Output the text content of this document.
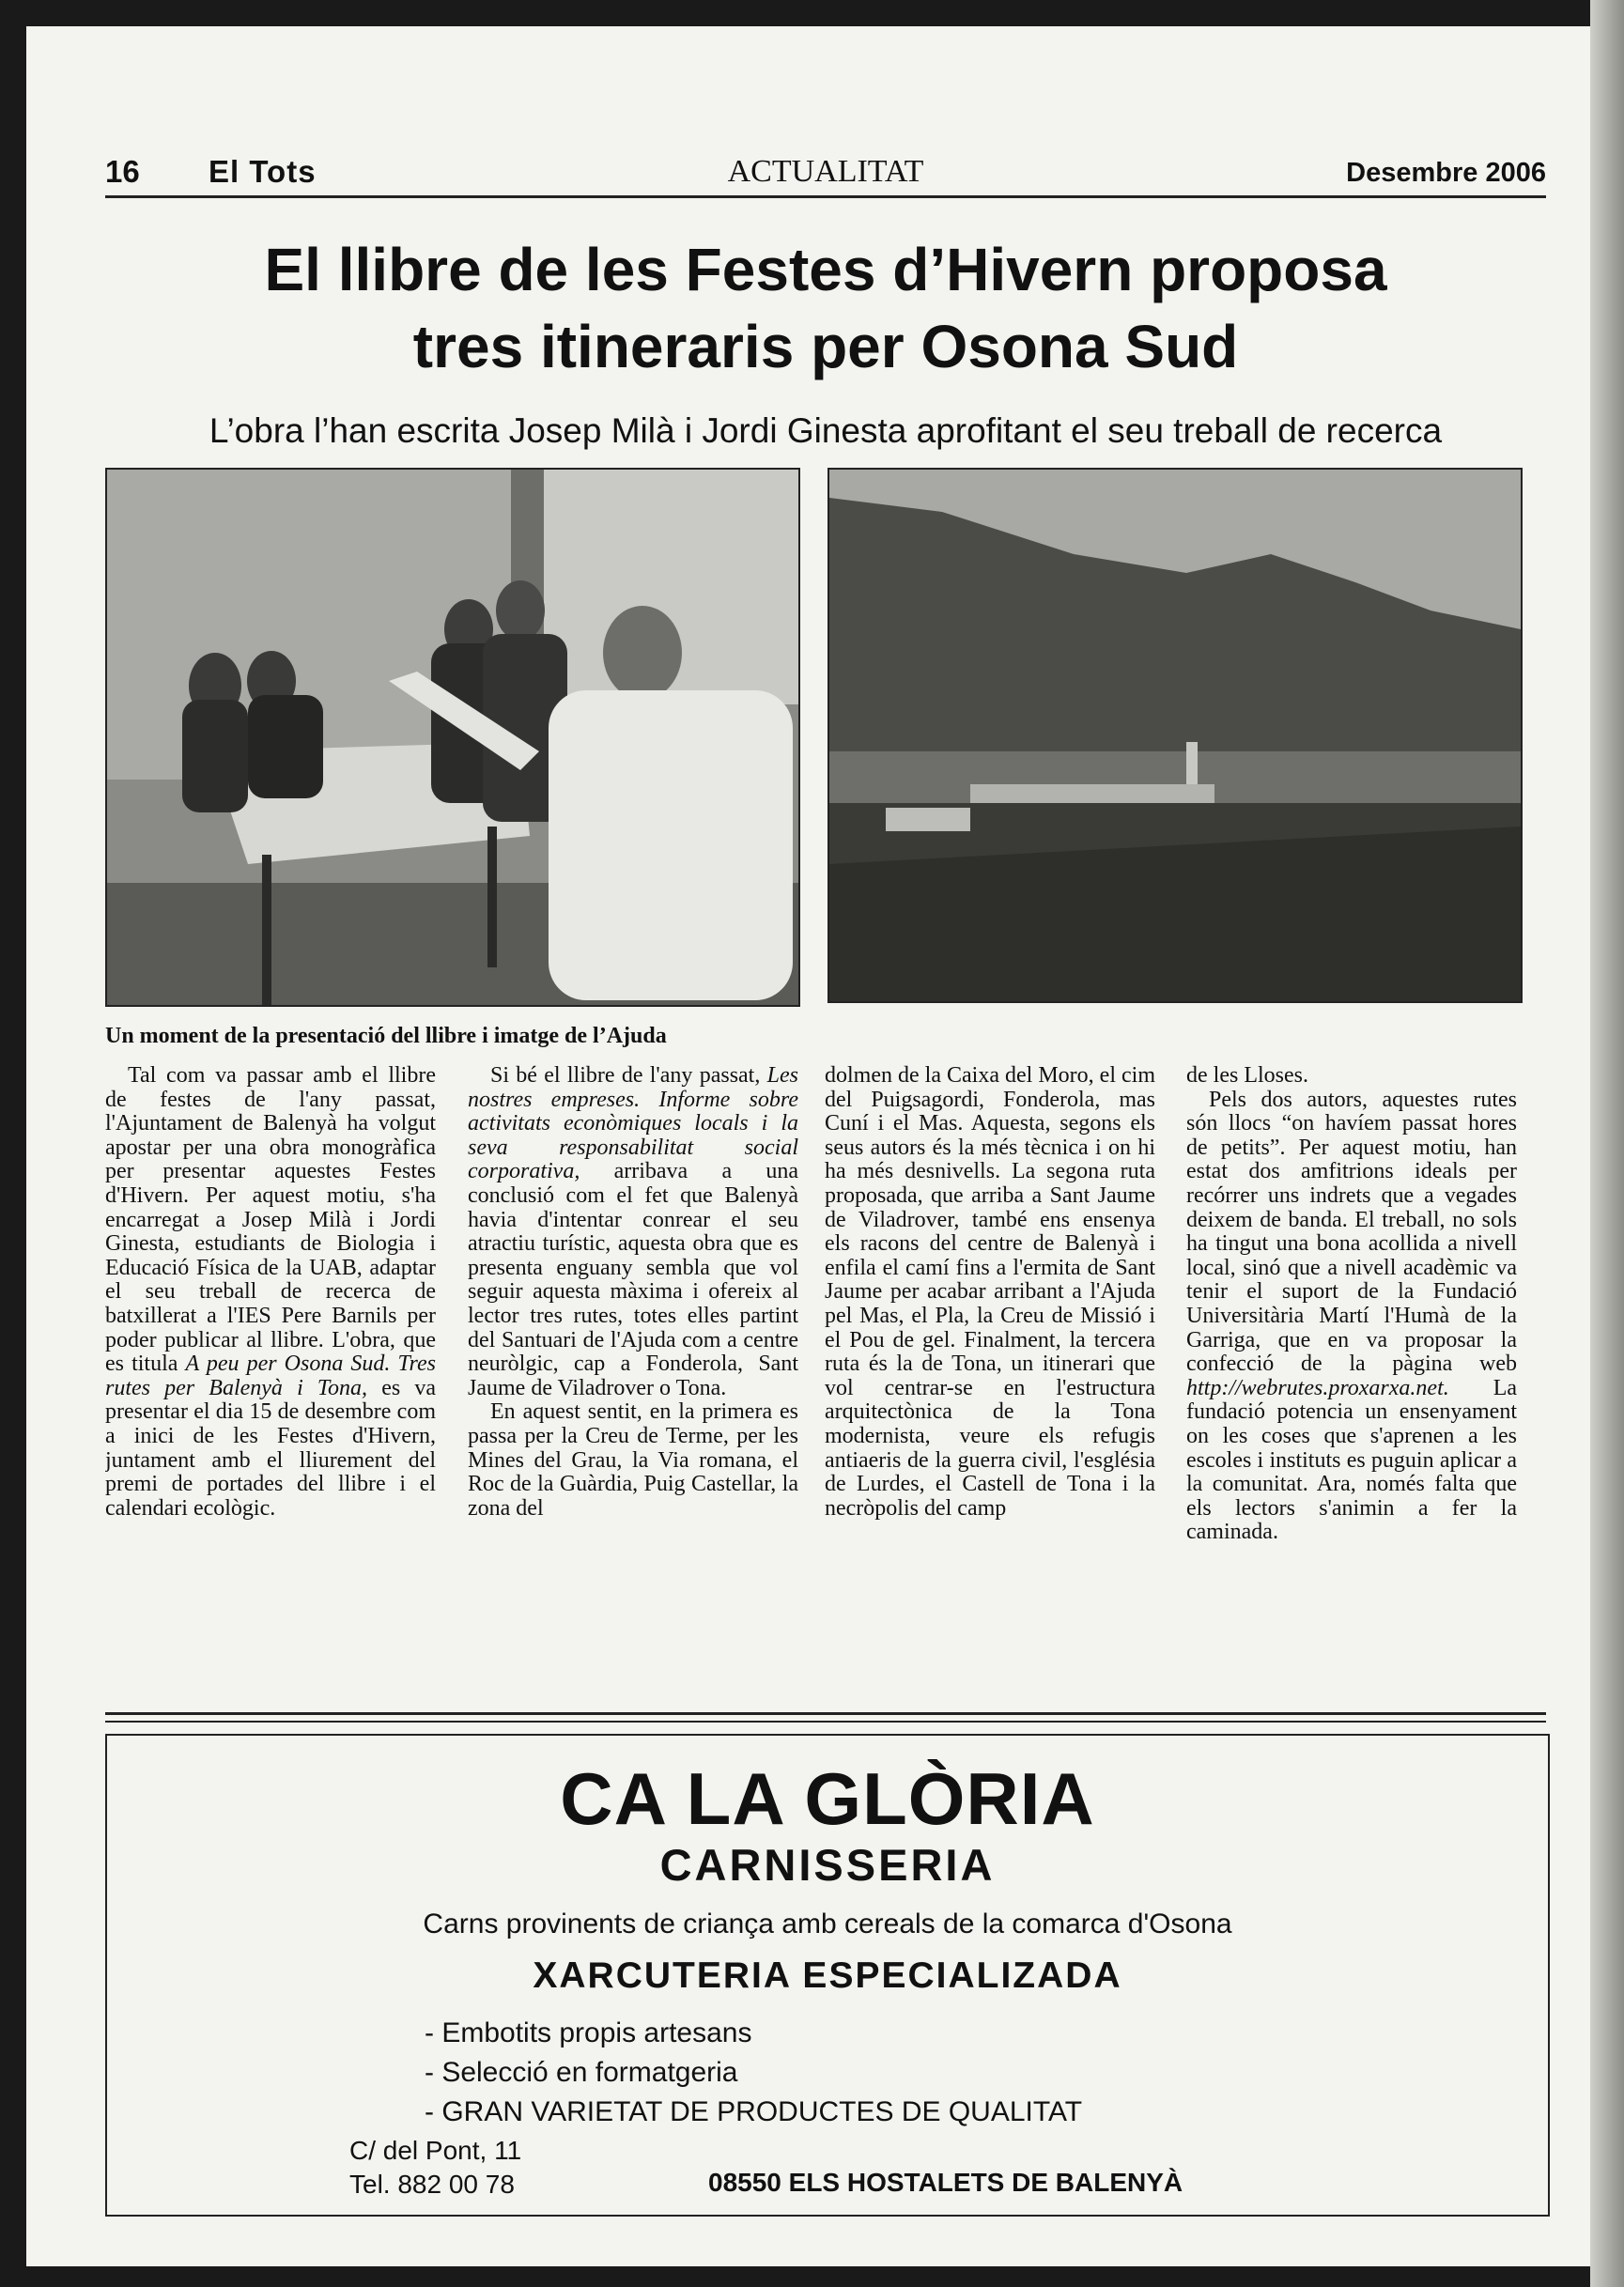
16 El Tots	ACTUALITAT	Desembre 2006
El llibre de les Festes d’Hivern proposa
tres itineraris per Osona Sud
L’obra l’han escrita Josep Milà i Jordi Ginesta aprofitant el seu treball de recerca
Un moment de la presentació del llibre i imatge de l’Ajuda

Tal com va passar amb el llibre de festes de l'any passat, l'Ajuntament de Balenyà ha volgut apostar per una obra monogràfica per presentar aquestes Festes d'Hivern. Per aquest motiu, s'ha encarregat a Josep Milà i Jordi Ginesta, estudiants de Biologia i Educació Física de la UAB, adaptar el seu treball de recerca de batxillerat a l'IES Pere Barnils per poder publicar al llibre. L'obra, que es titula A peu per Osona Sud. Tres rutes per Balenyà i Tona, es va presentar el dia 15 de desembre com a inici de les Festes d'Hivern, juntament amb el lliurement del premi de portades del llibre i el calendari ecològic.

Si bé el llibre de l'any passat, Les nostres empreses. Informe sobre activitats econòmiques locals i la seva responsabilitat social corporativa, arribava a una conclusió com el fet que Balenyà havia d'intentar conrear el seu atractiu turístic, aquesta obra que es presenta enguany sembla que vol seguir aquesta màxima i ofereix al lector tres rutes, totes elles partint del Santuari de l'Ajuda com a centre neuròlgic, cap a Fonderola, Sant Jaume de Viladrover o Tona.

En aquest sentit, en la primera es passa per la Creu de Terme, per les Mines del Grau, la Via romana, el Roc de la Guàrdia, Puig Castellar, la zona del

dolmen de la Caixa del Moro, el cim del Puigsagordi, Fonderola, mas Cuní i el Mas. Aquesta, segons els seus autors és la més tècnica i on hi ha més desnivells. La segona ruta proposada, que arriba a Sant Jaume de Viladrover, també ens ensenya els racons del centre de Balenyà i enfila el camí fins a l'ermita de Sant Jaume per acabar arribant a l'Ajuda pel Mas, el Pla, la Creu de Missió i el Pou de gel. Finalment, la tercera ruta és la de Tona, un itinerari que vol centrar-se en l'estructura arquitectònica de la Tona modernista, veure els refugis antiaeris de la guerra civil, l'església de Lurdes, el Castell de Tona i la necròpolis del camp

de les Lloses.

Pels dos autors, aquestes rutes són llocs “on havíem passat hores de petits”. Per aquest motiu, han estat dos amfitrions ideals per recórrer uns indrets que a vegades deixem de banda. El treball, no sols ha tingut una bona acollida a nivell local, sinó que a nivell acadèmic va tenir el suport de la Fundació Universitària Martí l'Humà de la Garriga, que en va proposar la confecció de la pàgina web http://webrutes.proxarxa.net. La fundació potencia un ensenyament on les coses que s'aprenen a les escoles i instituts es puguin aplicar a la comunitat. Ara, només falta que els lectors s'animin a fer la caminada.

CA LA GLÒRIA
CARNISSERIA
Carns provinents de criança amb cereals de la comarca d'Osona
XARCUTERIA ESPECIALIZADA
- Embotits propis artesans
- Selecció en formatgeria
- GRAN VARIETAT DE PRODUCTES DE QUALITAT
C/ del Pont, 11
Tel. 882 00 78	08550 ELS HOSTALETS DE BALENYÀ
